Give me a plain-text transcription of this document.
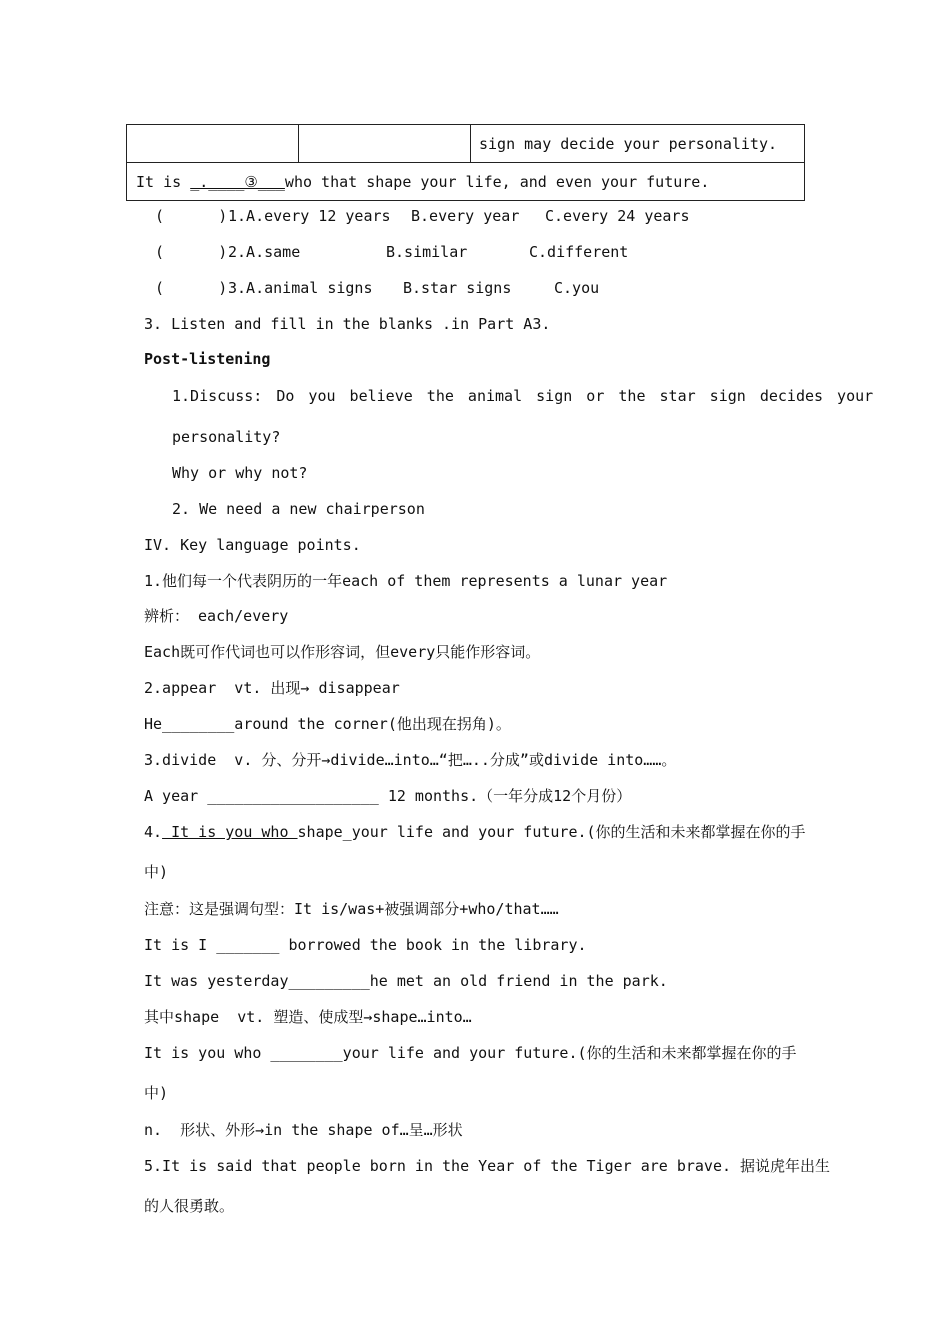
		sign may decide your personality.
It is _.____③___who that shape your life, and even your future.
(      ) 1.A.every 12 years B.every year C.every 24 years
(      ) 2.A.same	B.similar	C.different
(      ) 3.A.animal signs B.star signs	C.you
3. Listen and fill in the blanks .in Part A3.
Post-listening
1.Discuss: Do you believe the animal sign or the star sign decides your
personality?
Why or why not?
2. We need a new chairperson
IV. Key language points.
1.他们每一个代表阴历的一年each of them represents a lunar year
辨析： each/every
Each既可作代词也可以作形容词，但every只能作形容词。
2.appear  vt. 出现→ disappear
He________around the corner(他出现在拐角)。
3.divide  v. 分、分开→divide…into…“把…..分成”或divide into……。
A year ___________________ 12 months.（一年分成12个月份）
4. It is you who shape_your life and your future.(你的生活和未来都掌握在你的手
中)
注意：这是强调句型：It is/was+被强调部分+who/that……
It is I _______ borrowed the book in the library.
It was yesterday_________he met an old friend in the park.
其中shape  vt. 塑造、使成型→shape…into…
It is you who ________your life and your future.(你的生活和未来都掌握在你的手
中)
n.  形状、外形→in the shape of…呈…形状
5.It is said that people born in the Year of the Tiger are brave. 据说虎年出生
的人很勇敢。
